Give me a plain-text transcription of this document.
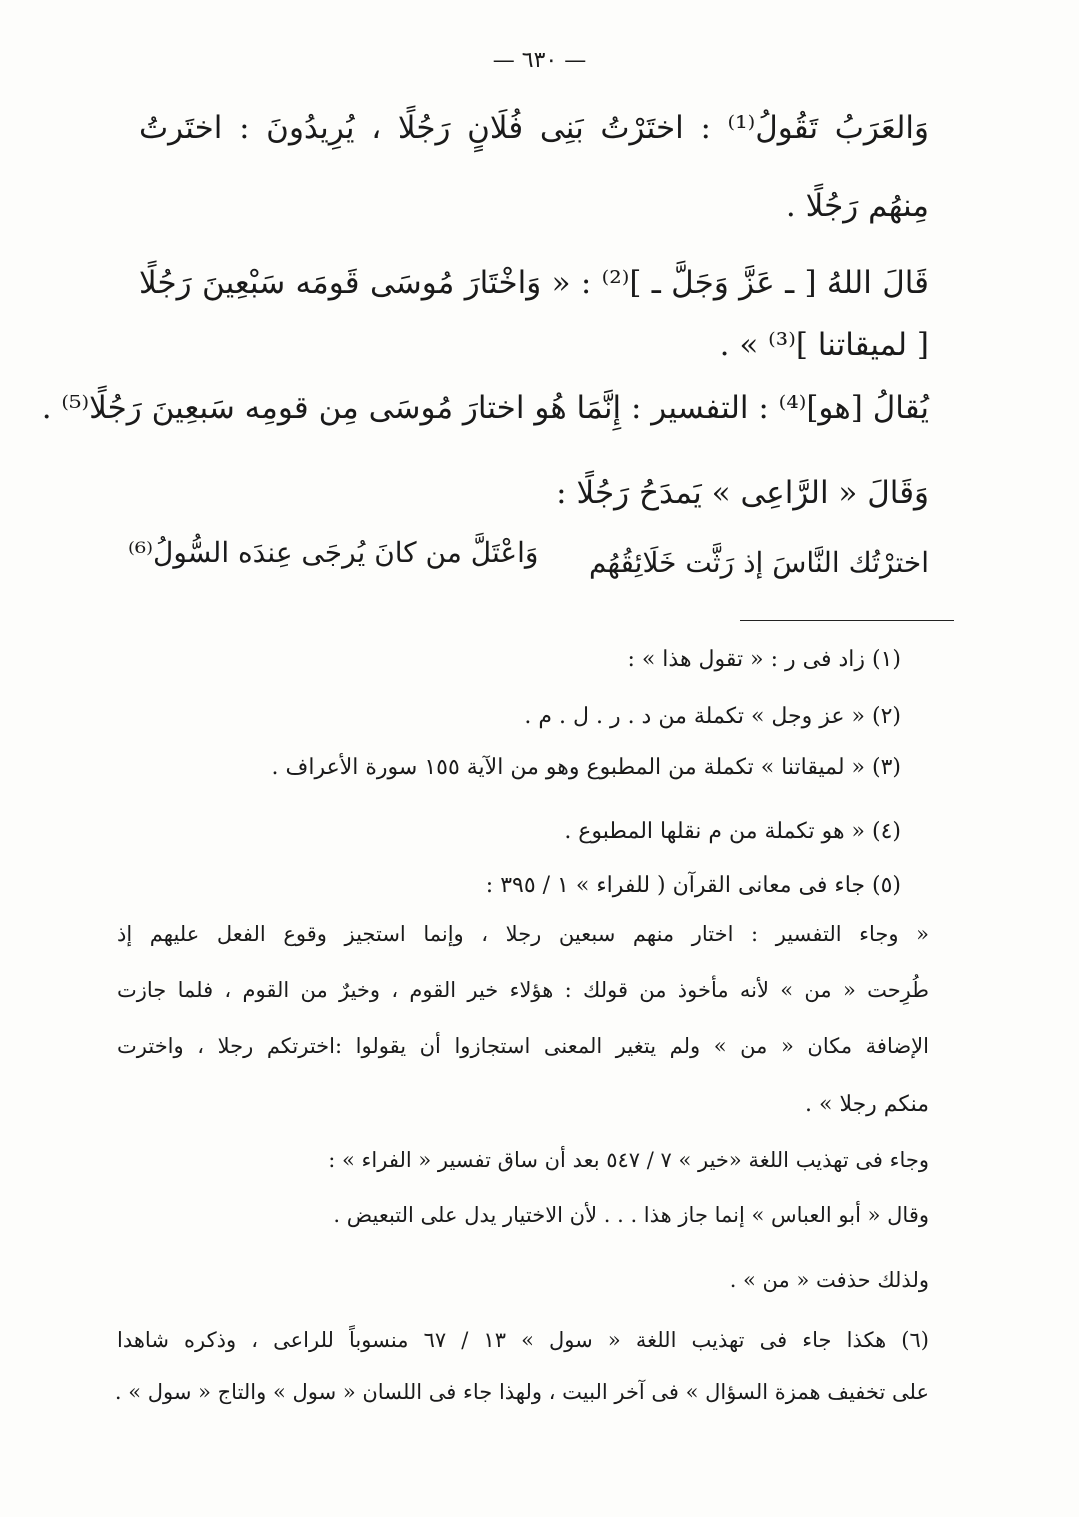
— ٦٣٠ —
وَالعَرَبُ تَقُولُ⁽¹⁾ : اختَرْتُ بَنِى فُلَانٍ رَجُلًا ، يُرِيدُونَ : اختَرتُ
مِنهُم رَجُلًا .
قَالَ اللهُ [ ـ عَزَّ وَجَلَّ ـ ]⁽²⁾ : « وَاخْتَارَ مُوسَى قَومَه سَبْعِينَ رَجُلًا
[ لميقاتنا ]⁽³⁾ » .
يُقالُ [هو]⁽⁴⁾ : التفسير : إِنَّمَا هُو اختارَ مُوسَى مِن قومِه سَبعِينَ رَجُلًا⁽⁵⁾ .
وَقَالَ « الرَّاعِى » يَمدَحُ رَجُلًا :
اخترْتُك النَّاسَ إذ رَثَّت خَلَائِقُهُم
وَاعْتَلَّ من كانَ يُرجَى عِندَه السُّولُ⁽⁶⁾
(١) زاد فى ر : « تقول هذا » :
(٢) « عز وجل » تكملة من د . ر . ل . م .
(٣) « لميقاتنا » تكملة من المطبوع وهو من الآية ١٥٥ سورة الأعراف .
(٤) « هو تكملة من م نقلها المطبوع .
(٥) جاء فى معانى القرآن ( للفراء » ١ / ٣٩٥ :
« وجاء التفسير : اختار منهم سبعين رجلا ، وإنما استجيز وقوع الفعل عليهم إذ
طُرِحت « من » لأنه مأخوذ من قولك : هؤلاء خير القوم ، وخيرٌ من القوم ، فلما جازت
الإضافة مكان « من » ولم يتغير المعنى استجازوا أن يقولوا :اخترتكم رجلا ، واخترت
منكم رجلا » .
وجاء فى تهذيب اللغة «خير » ٧ / ٥٤٧ بعد أن ساق تفسير « الفراء » :
وقال « أبو العباس » إنما جاز هذا . . . لأن الاختيار يدل على التبعيض .
ولذلك حذفت « من » .
(٦) هكذا جاء فى تهذيب اللغة « سول » ١٣ / ٦٧ منسوباً للراعى ، وذكره شاهدا
على تخفيف همزة السؤال » فى آخر البيت ، ولهذا جاء فى اللسان « سول » والتاج « سول » .
